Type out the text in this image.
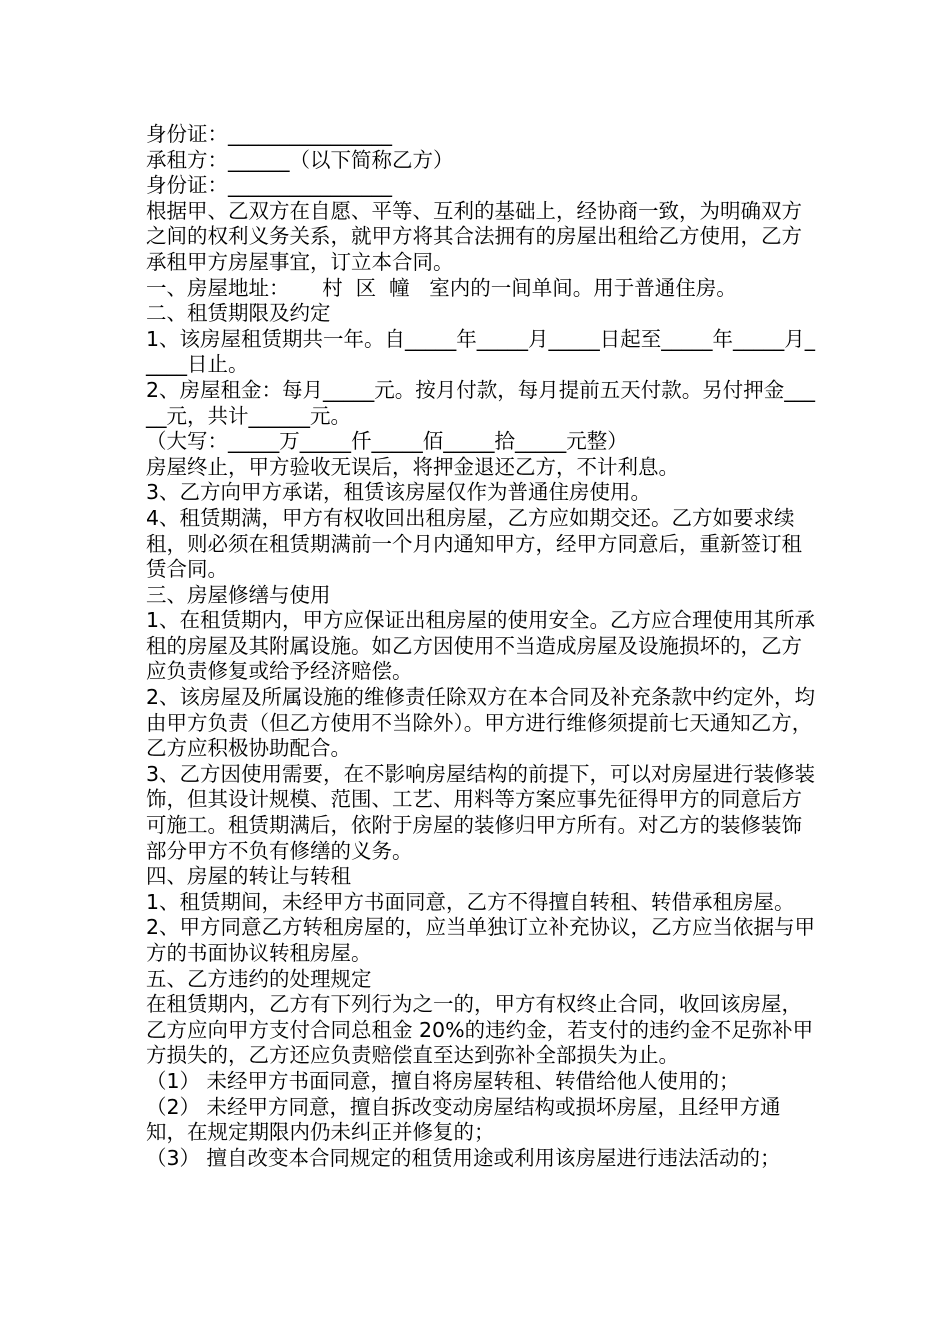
身份证：________________

承租方：______（以下简称乙方）

身份证：________________

根据甲、乙双方在自愿、平等、互利的基础上，经协商一致，为明确双方之间的权利义务关系，就甲方将其合法拥有的房屋出租给乙方使用，乙方承租甲方房屋事宜，订立本合同。

一、房屋地址：     村  区  幢   室内的一间单间。用于普通住房。

二、租赁期限及约定

1、该房屋租赁期共一年。自_____年_____月_____日起至_____年_____月_____日止。

2、房屋租金：每月_____元。按月付款，每月提前五天付款。另付押金_____元，共计______元。

（大写：_____万_____仟_____佰_____拾_____元整）

房屋终止，甲方验收无误后，将押金退还乙方，不计利息。

3、乙方向甲方承诺，租赁该房屋仅作为普通住房使用。

4、租赁期满，甲方有权收回出租房屋，乙方应如期交还。乙方如要求续租，则必须在租赁期满前一个月内通知甲方，经甲方同意后，重新签订租赁合同。

三、房屋修缮与使用

1、在租赁期内，甲方应保证出租房屋的使用安全。乙方应合理使用其所承租的房屋及其附属设施。如乙方因使用不当造成房屋及设施损坏的，乙方应负责修复或给予经济赔偿。

2、该房屋及所属设施的维修责任除双方在本合同及补充条款中约定外，均由甲方负责（但乙方使用不当除外）。甲方进行维修须提前七天通知乙方，乙方应积极协助配合。

3、乙方因使用需要，在不影响房屋结构的前提下，可以对房屋进行装修装饰，但其设计规模、范围、工艺、用料等方案应事先征得甲方的同意后方可施工。租赁期满后，依附于房屋的装修归甲方所有。对乙方的装修装饰部分甲方不负有修缮的义务。

四、房屋的转让与转租

1、租赁期间，未经甲方书面同意，乙方不得擅自转租、转借承租房屋。

2、甲方同意乙方转租房屋的，应当单独订立补充协议，乙方应当依据与甲方的书面协议转租房屋。

五、乙方违约的处理规定

在租赁期内，乙方有下列行为之一的，甲方有权终止合同，收回该房屋，乙方应向甲方支付合同总租金 20%的违约金，若支付的违约金不足弥补甲方损失的，乙方还应负责赔偿直至达到弥补全部损失为止。

（1） 未经甲方书面同意，擅自将房屋转租、转借给他人使用的；

（2） 未经甲方同意，擅自拆改变动房屋结构或损坏房屋，且经甲方通知，在规定期限内仍未纠正并修复的；

（3） 擅自改变本合同规定的租赁用途或利用该房屋进行违法活动的；
